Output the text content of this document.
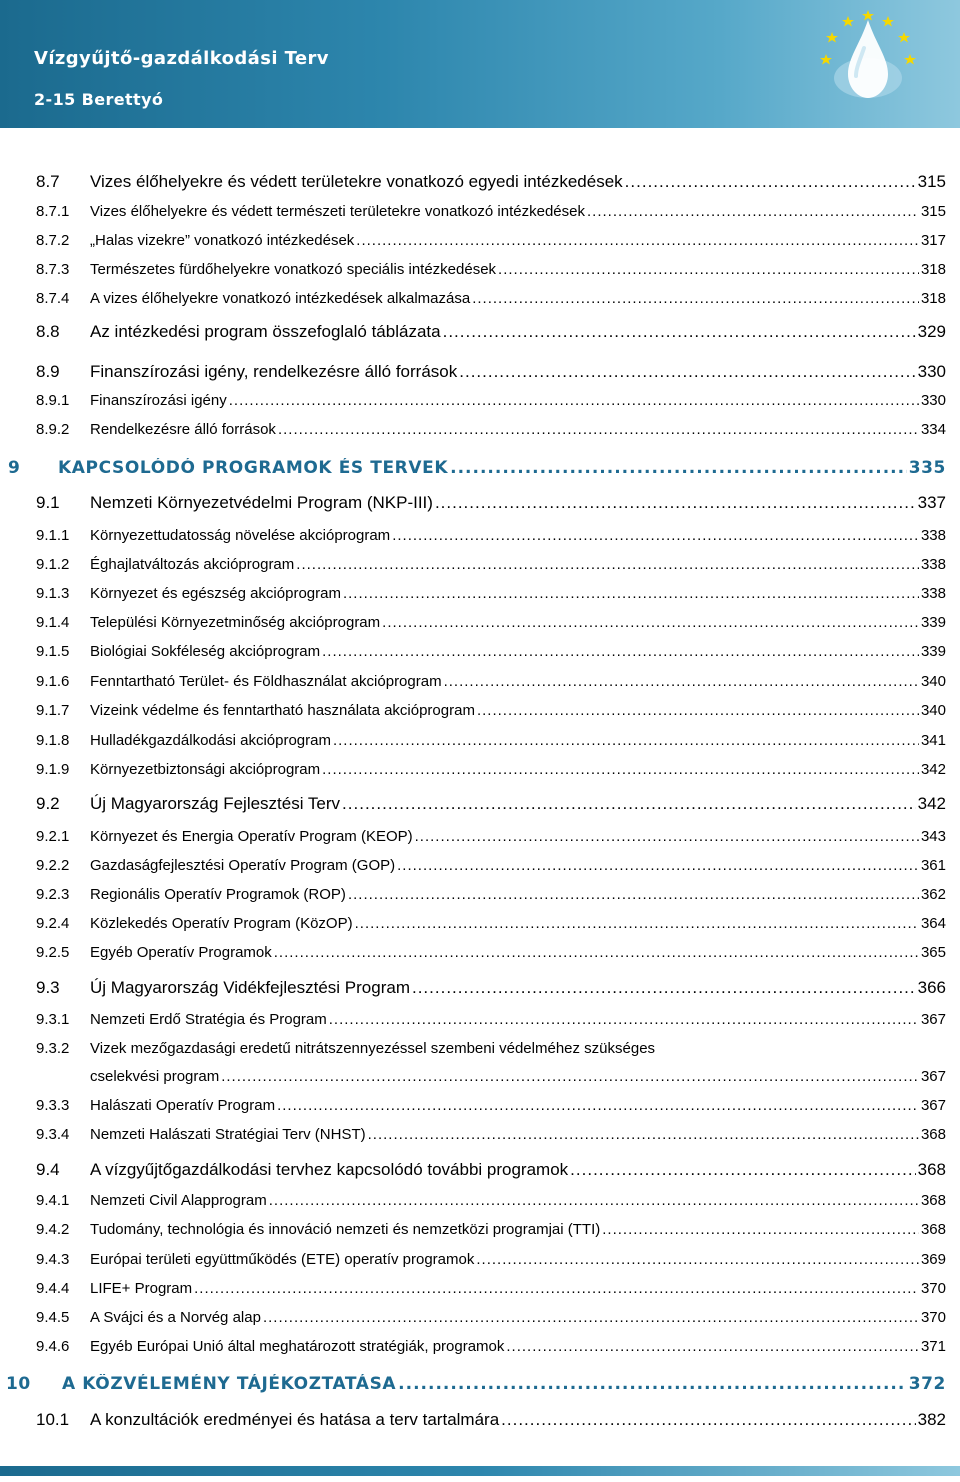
Vízgyűjtő-gazdálkodási Terv
2-15 Berettyó
8.7 Vizes élőhelyekre és védett területekre vonatkozó egyedi intézkedések .....	315
8.7.1 Vizes élőhelyekre és védett természeti területekre vonatkozó intézkedések .....	315
8.7.2 „Halas vizekre” vonatkozó intézkedések .....	317
8.7.3 Természetes fürdőhelyekre vonatkozó speciális intézkedések .....	318
8.7.4 A vizes élőhelyekre vonatkozó intézkedések alkalmazása .....	318
8.8 Az intézkedési program összefoglaló táblázata .....	329
8.9 Finanszírozási igény, rendelkezésre álló források .....	330
8.9.1 Finanszírozási igény .....	330
8.9.2 Rendelkezésre álló források .....	334
9 KAPCSOLÓDÓ PROGRAMOK ÉS TERVEK .....	335
9.1 Nemzeti Környezetvédelmi Program (NKP-III) .....	337
9.1.1 Környezettudatosság növelése akcióprogram .....	338
9.1.2 Éghajlatváltozás akcióprogram .....	338
9.1.3 Környezet és egészség akcióprogram .....	338
9.1.4 Települési Környezetminőség akcióprogram .....	339
9.1.5 Biológiai Sokféleség akcióprogram .....	339
9.1.6 Fenntartható Terület- és Földhasználat akcióprogram .....	340
9.1.7 Vizeink védelme és fenntartható használata akcióprogram .....	340
9.1.8 Hulladékgazdálkodási akcióprogram .....	341
9.1.9 Környezetbiztonsági akcióprogram .....	342
9.2 Új Magyarország Fejlesztési Terv .....	342
9.2.1 Környezet és Energia Operatív Program (KEOP) .....	343
9.2.2 Gazdaságfejlesztési Operatív Program (GOP) .....	361
9.2.3 Regionális Operatív Programok (ROP) .....	362
9.2.4 Közlekedés Operatív Program (KözOP) .....	364
9.2.5 Egyéb Operatív Programok .....	365
9.3 Új Magyarország Vidékfejlesztési Program .....	366
9.3.1 Nemzeti Erdő Stratégia és Program .....	367
9.3.2 Vizek mezőgazdasági eredetű nitrátszennyezéssel szembeni védelméhez szükséges
cselekvési program .....	367
9.3.3 Halászati Operatív Program .....	367
9.3.4 Nemzeti Halászati Stratégiai Terv (NHST) .....	368
9.4 A vízgyűjtőgazdálkodási tervhez kapcsolódó további programok .....	368
9.4.1 Nemzeti Civil Alapprogram .....	368
9.4.2 Tudomány, technológia és innováció nemzeti és nemzetközi programjai (TTI) .....	368
9.4.3 Európai területi együttműködés (ETE) operatív programok .....	369
9.4.4 LIFE+ Program .....	370
9.4.5 A Svájci és a Norvég alap .....	370
9.4.6 Egyéb Európai Unió által meghatározott stratégiák, programok .....	371
10 A KÖZVÉLEMÉNY TÁJÉKOZTATÁSA .....	372
10.1 A konzultációk eredményei és hatása a terv tartalmára .....	382
